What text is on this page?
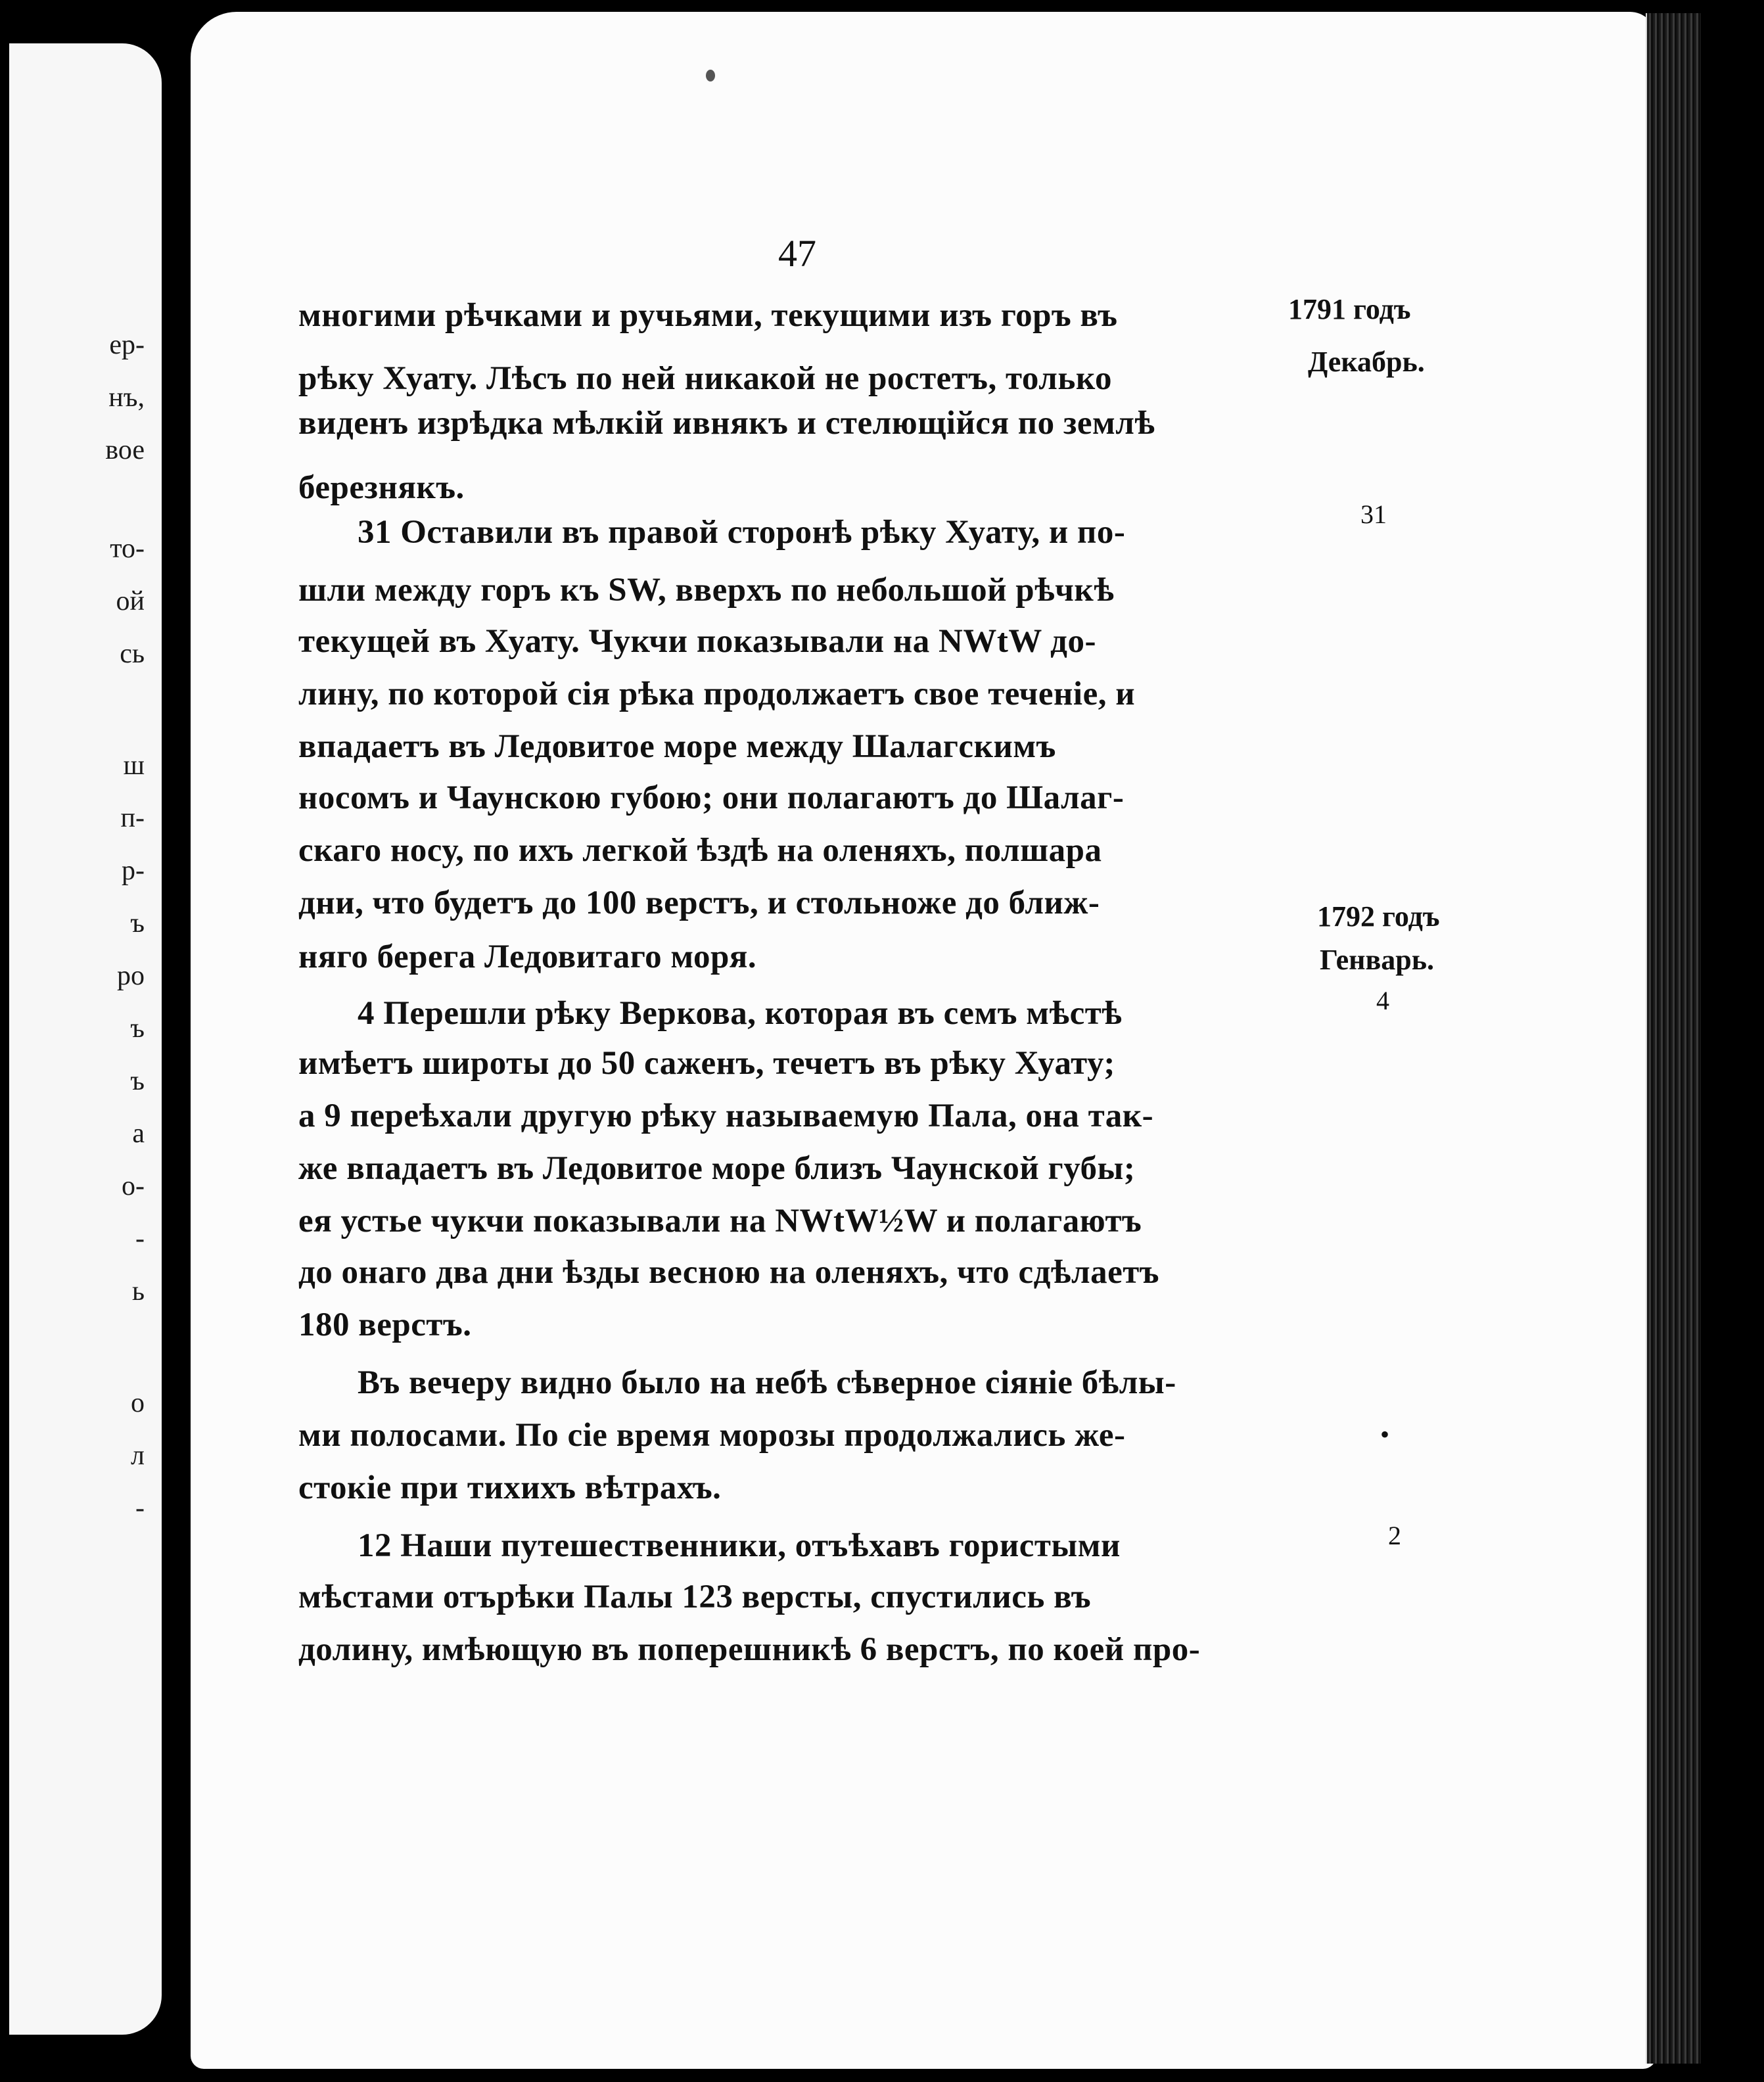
ер-
нъ,
вое
то-
ой
сь
ш
п-
р-
ъ
ро
ъ
ъ
а
о-
-
ь
о
л
-
47
многими рѣчками и ручьями, текущими изъ горъ въ
рѣку Хуату. Лѣсъ по ней никакой не ростетъ, только
виденъ изрѣдка мѣлкій ивнякъ и стелющійся по землѣ
березнякъ.
31 Оставили въ правой сторонѣ рѣку Хуату, и по-
шли между горъ къ SW, вверхъ по небольшой рѣчкѣ
текущей въ Хуату. Чукчи показывали на NWtW до-
лину, по которой сія рѣка продолжаетъ свое теченіе, и
впадаетъ въ Ледовитое море между Шалагскимъ
носомъ и Чаунскою губою; они полагаютъ до Шалаг-
скаго носу, по ихъ легкой ѣздѣ на оленяхъ, полшара
дни, что будетъ до 100 верстъ, и стольножe до ближ-
няго берега Ледовитаго моря.
4 Перешли рѣку Веркова, которая въ семъ мѣстѣ
имѣетъ широты до 50 саженъ, течетъ въ рѣку Хуату;
а 9 переѣхали другую рѣку называемую Пала, она так-
же впадаетъ въ Ледовитое море близъ Чаунской губы;
ея устье чукчи показывали на NWtW½W и полагаютъ
до онаго два дни ѣзды весною на оленяхъ, что сдѣлаетъ
180 верстъ.
Въ вечеру видно было на небѣ сѣверное сіяніе бѣлы-
ми полосами. По сіе время морозы продолжались же-
стокіе при тихихъ вѣтрахъ.
12 Наши путешественники, отъѣхавъ гористыми
мѣстами отърѣки Палы 123 версты, спустились въ
долину, имѣющую въ поперешникѣ 6 верстъ, по коей про-
1791 годъ
Декабрь.
31
1792 годъ
Генварь.
4
•
2
